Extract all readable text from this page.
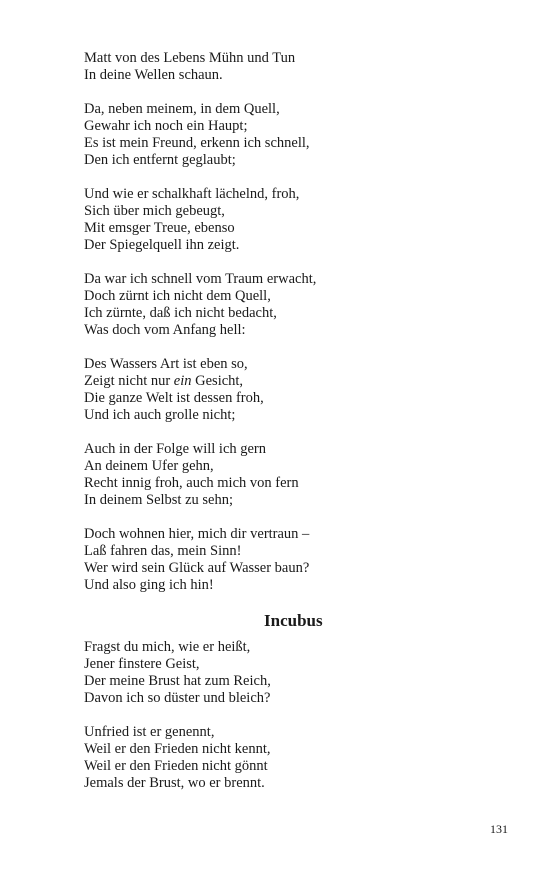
Matt von des Lebens Mühn und Tun
In deine Wellen schaun.
Da, neben meinem, in dem Quell,
Gewahr ich noch ein Haupt;
Es ist mein Freund, erkenn ich schnell,
Den ich entfernt geglaubt;
Und wie er schalkhaft lächelnd, froh,
Sich über mich gebeugt,
Mit emsger Treue, ebenso
Der Spiegelquell ihn zeigt.
Da war ich schnell vom Traum erwacht,
Doch zürnt ich nicht dem Quell,
Ich zürnte, daß ich nicht bedacht,
Was doch vom Anfang hell:
Des Wassers Art ist eben so,
Zeigt nicht nur ein Gesicht,
Die ganze Welt ist dessen froh,
Und ich auch grolle nicht;
Auch in der Folge will ich gern
An deinem Ufer gehn,
Recht innig froh, auch mich von fern
In deinem Selbst zu sehn;
Doch wohnen hier, mich dir vertraun –
Laß fahren das, mein Sinn!
Wer wird sein Glück auf Wasser baun?
Und also ging ich hin!
Incubus
Fragst du mich, wie er heißt,
Jener finstere Geist,
Der meine Brust hat zum Reich,
Davon ich so düster und bleich?
Unfried ist er genennt,
Weil er den Frieden nicht kennt,
Weil er den Frieden nicht gönnt
Jemals der Brust, wo er brennt.
131
